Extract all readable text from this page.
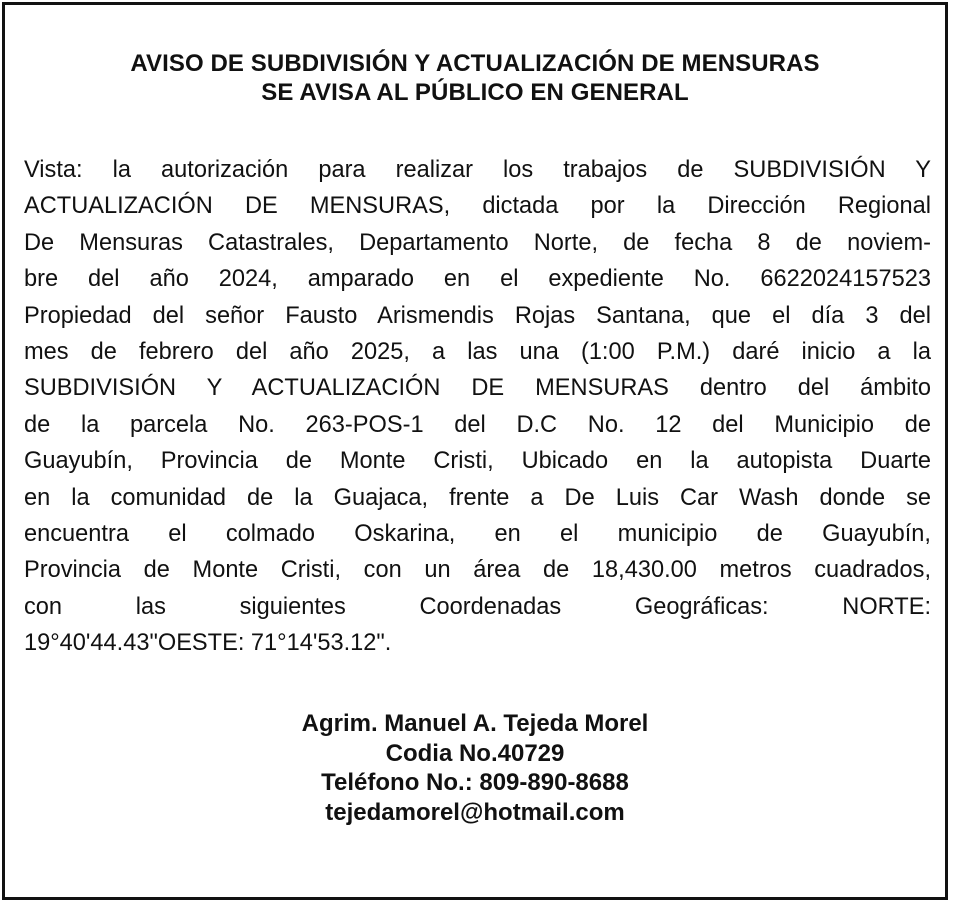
AVISO DE SUBDIVISIÓN Y ACTUALIZACIÓN DE MENSURAS
SE AVISA AL PÚBLICO EN GENERAL
Vista: la autorización para realizar los trabajos de SUBDIVISIÓN Y
ACTUALIZACIÓN DE MENSURAS, dictada por la Dirección Regional
De Mensuras Catastrales, Departamento Norte, de fecha 8 de noviem-
bre del año 2024, amparado en el expediente No. 6622024157523
Propiedad del señor Fausto Arismendis Rojas Santana, que el día 3 del
mes de febrero del año 2025, a las una (1:00 P.M.) daré inicio a la
SUBDIVISIÓN Y ACTUALIZACIÓN DE MENSURAS dentro del ámbito
de la parcela No. 263-POS-1 del D.C No. 12 del Municipio de
Guayubín, Provincia de Monte Cristi, Ubicado en la autopista Duarte
en la comunidad de la Guajaca, frente a De Luis Car Wash donde se
encuentra el colmado Oskarina, en el municipio de Guayubín,
Provincia de Monte Cristi, con un área de 18,430.00 metros cuadrados,
con las siguientes Coordenadas Geográficas: NORTE:
19°40'44.43"OESTE: 71°14'53.12".
Agrim. Manuel A. Tejeda Morel
Codia No.40729
Teléfono No.: 809-890-8688
tejedamorel@hotmail.com
